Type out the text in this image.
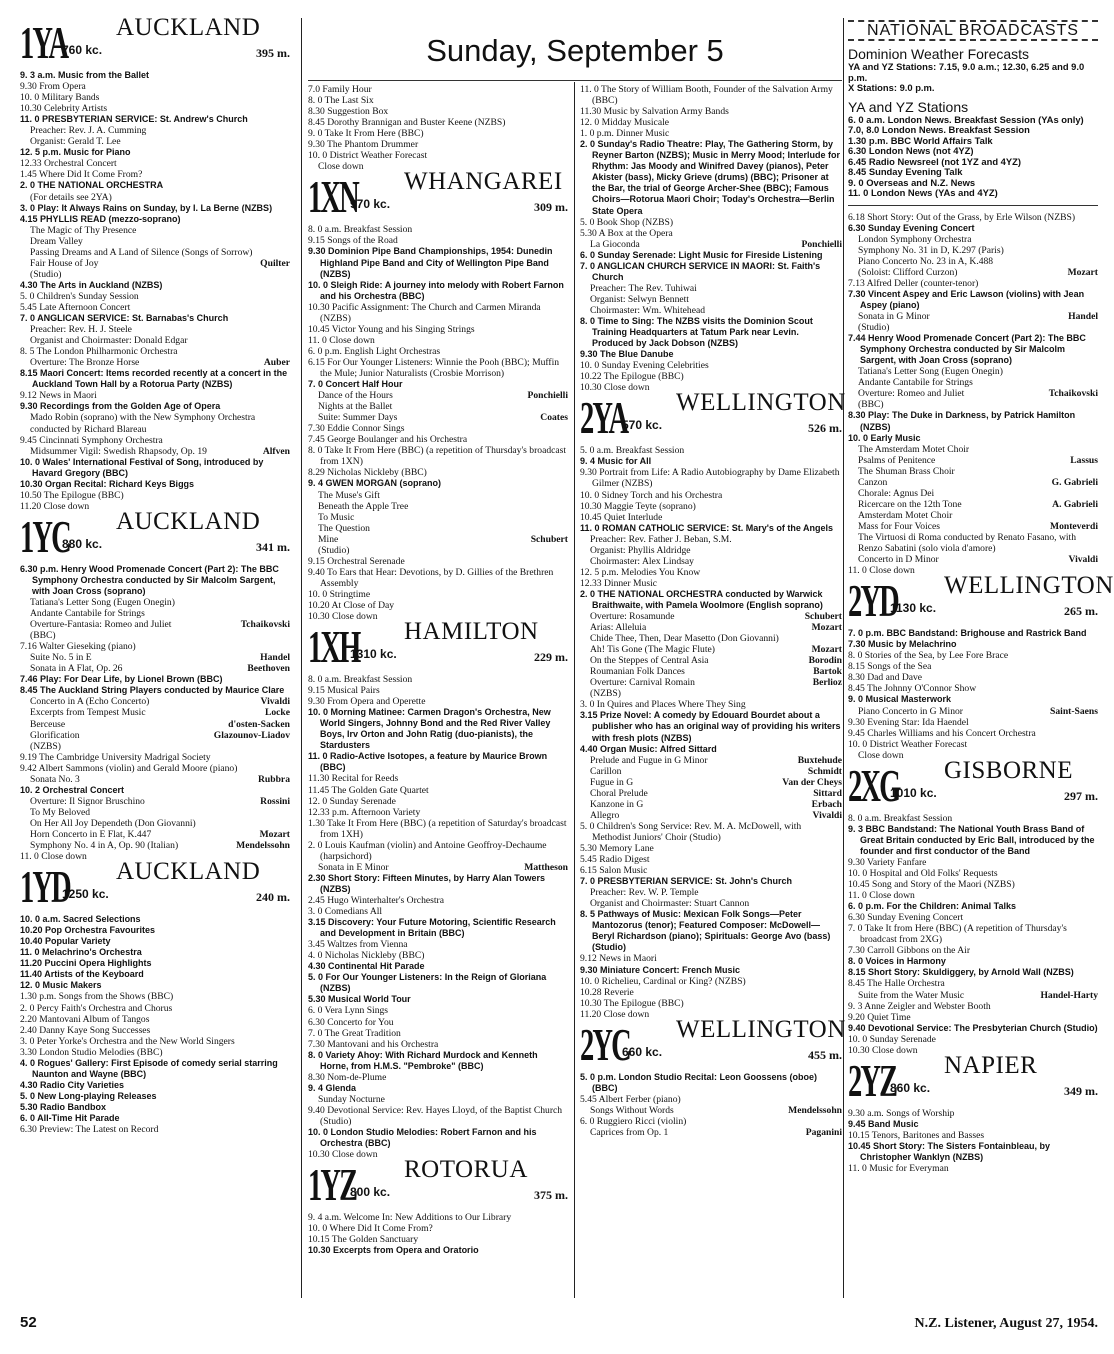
Sunday, September 5
1YA
760 kc.
AUCKLAND
395 m.

9. 3 a.m. Music from the Ballet

9.30 From Opera

10. 0 Military Bands

10.30 Celebrity Artists

11. 0 PRESBYTERIAN SERVICE: St. Andrew's Church

Preacher: Rev. J. A. Cumming

Organist: Gerald T. Lee

12. 5 p.m. Music for Piano

12.33 Orchestral Concert

1.45 Where Did It Come From?

2. 0 THE NATIONAL ORCHESTRA

(For details see 2YA)

3. 0 Play: It Always Rains on Sunday, by I. La Berne (NZBS)

4.15 PHYLLIS READ (mezzo-soprano)

The Magic of Thy Presence

Dream Valley

Passing Dreams and A Land of Silence (Songs of Sorrow)

Quilter
Fair House of Joy

(Studio)

4.30 The Arts in Auckland (NZBS)

5. 0 Children's Sunday Session

5.45 Late Afternoon Concert

7. 0 ANGLICAN SERVICE: St. Barnabas's Church

Preacher: Rev. H. J. Steele

Organist and Choirmaster: Donald Edgar

8. 5 The London Philharmonic Orchestra

Auber
Overture: The Bronze Horse

8.15 Maori Concert: Items recorded recently at a concert in the Auckland Town Hall by a Rotorua Party (NZBS)

9.12 News in Maori

9.30 Recordings from the Golden Age of Opera

Mado Robin (soprano) with the New Symphony Orchestra conducted by Richard Blareau

9.45 Cincinnati Symphony Orchestra

Alfven
Midsummer Vigil: Swedish Rhapsody, Op. 19

10. 0 Wales' International Festival of Song, introduced by Havard Gregory (BBC)

10.30 Organ Recital: Richard Keys Biggs

10.50 The Epilogue (BBC)

11.20 Close down

1YC
880 kc.
AUCKLAND
341 m.

6.30 p.m. Henry Wood Promenade Concert (Part 2): The BBC Symphony Orchestra conducted by Sir Malcolm Sargent, with Joan Cross (soprano)

Tatiana's Letter Song (Eugen Onegin)

Andante Cantabile for Strings

Tchaikovski
Overture-Fantasia: Romeo and Juliet

(BBC)

7.16 Walter Gieseking (piano)

Handel
Suite No. 5 in E

Beethoven
Sonata in A Flat, Op. 26

7.46 Play: For Dear Life, by Lionel Brown (BBC)

8.45 The Auckland String Players conducted by Maurice Clare

Vivaldi
Concerto in A (Echo Concerto)

Locke
Excerpts from Tempest Music

d'osten-Sacken
Berceuse

Glazounov-Liadov
Glorification

(NZBS)

9.19 The Cambridge University Madrigal Society

9.42 Albert Sammons (violin) and Gerald Moore (piano)

Rubbra
Sonata No. 3

10. 2 Orchestral Concert

Rossini
Overture: Il Signor Bruschino

To My Beloved

On Her All Joy Dependeth (Don Giovanni)

Mozart
Horn Concerto in E Flat, K.447

Mendelssohn
Symphony No. 4 in A, Op. 90 (Italian)

11. 0 Close down

1YD
1250 kc.
AUCKLAND
240 m.

10. 0 a.m. Sacred Selections

10.20 Pop Orchestra Favourites

10.40 Popular Variety

11. 0 Melachrino's Orchestra

11.20 Puccini Opera Highlights

11.40 Artists of the Keyboard

12. 0 Music Makers

1.30 p.m. Songs from the Shows (BBC)

2. 0 Percy Faith's Orchestra and Chorus

2.20 Mantovani Album of Tangos

2.40 Danny Kaye Song Successes

3. 0 Peter Yorke's Orchestra and the New World Singers

3.30 London Studio Melodies (BBC)

4. 0 Rogues' Gallery: First Episode of comedy serial starring Naunton and Wayne (BBC)

4.30 Radio City Varieties

5. 0 New Long-playing Releases

5.30 Radio Bandbox

6. 0 All-Time Hit Parade

6.30 Preview: The Latest on Record

7.0 Family Hour

8. 0 The Last Six

8.30 Suggestion Box

8.45 Dorothy Brannigan and Buster Keene (NZBS)

9. 0 Take It From Here (BBC)

9.30 The Phantom Drummer

10. 0 District Weather Forecast

Close down

1XN
970 kc.
WHANGAREI
309 m.

8. 0 a.m. Breakfast Session

9.15 Songs of the Road

9.30 Dominion Pipe Band Championships, 1954: Dunedin Highland Pipe Band and City of Wellington Pipe Band (NZBS)

10. 0 Sleigh Ride: A journey into melody with Robert Farnon and his Orchestra (BBC)

10.30 Pacific Assignment: The Church and Carmen Miranda (NZBS)

10.45 Victor Young and his Singing Strings

11. 0 Close down

6. 0 p.m. English Light Orchestras

6.15 For Our Younger Listeners: Winnie the Pooh (BBC); Muffin the Mule; Junior Naturalists (Crosbie Morrison)

7. 0 Concert Half Hour

Ponchielli
Dance of the Hours

Nights at the Ballet

Coates
Suite: Summer Days

7.30 Eddie Connor Sings

7.45 George Boulanger and his Orchestra

8. 0 Take It From Here (BBC) (a repetition of Thursday's broadcast from 1XN)

8.29 Nicholas Nickleby (BBC)

9. 4 GWEN MORGAN (soprano)

The Muse's Gift

Beneath the Apple Tree

To Music

The Question

Schubert
Mine

(Studio)

9.15 Orchestral Serenade

9.40 To Ears that Hear: Devotions, by D. Gillies of the Brethren Assembly

10. 0 Stringtime

10.20 At Close of Day

10.30 Close down

1XH
1310 kc.
HAMILTON
229 m.

8. 0 a.m. Breakfast Session

9.15 Musical Pairs

9.30 From Opera and Operette

10. 0 Morning Matinee: Carmen Dragon's Orchestra, New World Singers, Johnny Bond and the Red River Valley Boys, Irv Orton and John Ratig (duo-pianists), the Stardusters

11. 0 Radio-Active Isotopes, a feature by Maurice Brown (BBC)

11.30 Recital for Reeds

11.45 The Golden Gate Quartet

12. 0 Sunday Serenade

12.33 p.m. Afternoon Variety

1.30 Take It From Here (BBC) (a repetition of Saturday's broadcast from 1XH)

2. 0 Louis Kaufman (violin) and Antoine Geoffroy-Dechaume (harpsichord)

Mattheson
Sonata in E Minor

2.30 Short Story: Fifteen Minutes, by Harry Alan Towers (NZBS)

2.45 Hugo Winterhalter's Orchestra

3. 0 Comedians All

3.15 Discovery: Your Future Motoring, Scientific Research and Development in Britain (BBC)

3.45 Waltzes from Vienna

4. 0 Nicholas Nickleby (BBC)

4.30 Continental Hit Parade

5. 0 For Our Younger Listeners: In the Reign of Gloriana (NZBS)

5.30 Musical World Tour

6. 0 Vera Lynn Sings

6.30 Concerto for You

7. 0 The Great Tradition

7.30 Mantovani and his Orchestra

8. 0 Variety Ahoy: With Richard Murdock and Kenneth Horne, from H.M.S. "Pembroke" (BBC)

8.30 Nom-de-Plume

9. 4 Glenda

Sunday Nocturne

9.40 Devotional Service: Rev. Hayes Lloyd, of the Baptist Church (Studio)

10. 0 London Studio Melodies: Robert Farnon and his Orchestra (BBC)

10.30 Close down

1YZ
800 kc.
ROTORUA
375 m.

9. 4 a.m. Welcome In: New Additions to Our Library

10. 0 Where Did It Come From?

10.15 The Golden Sanctuary

10.30 Excerpts from Opera and Oratorio

11. 0 The Story of William Booth, Founder of the Salvation Army (BBC)

11.30 Music by Salvation Army Bands

12. 0 Midday Musicale

1. 0 p.m. Dinner Music

2. 0 Sunday's Radio Theatre: Play, The Gathering Storm, by Reyner Barton (NZBS); Music in Merry Mood; Interlude for Rhythm: Jas Moody and Winifred Davey (pianos), Peter Akister (bass), Micky Grieve (drums) (BBC); Prisoner at the Bar, the trial of George Archer-Shee (BBC); Famous Choirs—Rotorua Maori Choir; Today's Orchestra—Berlin State Opera

5. 0 Book Shop (NZBS)

5.30 A Box at the Opera

Ponchielli
La Gioconda

6. 0 Sunday Serenade: Light Music for Fireside Listening

7. 0 ANGLICAN CHURCH SERVICE IN MAORI: St. Faith's Church

Preacher: The Rev. Tuhiwai

Organist: Selwyn Bennett

Choirmaster: Wm. Whitehead

8. 0 Time to Sing: The NZBS visits the Dominion Scout Training Headquarters at Tatum Park near Levin. Produced by Jack Dobson (NZBS)

9.30 The Blue Danube

10. 0 Sunday Evening Celebrities

10.22 The Epilogue (BBC)

10.30 Close down

2YA
570 kc.
WELLINGTON
526 m.

5. 0 a.m. Breakfast Session

9. 4 Music for All

9.30 Portrait from Life: A Radio Autobiography by Dame Elizabeth Gilmer (NZBS)

10. 0 Sidney Torch and his Orchestra

10.30 Maggie Teyte (soprano)

10.45 Quiet Interlude

11. 0 ROMAN CATHOLIC SERVICE: St. Mary's of the Angels

Preacher: Rev. Father J. Beban, S.M.

Organist: Phyllis Aldridge

Choirmaster: Alex Lindsay

12. 5 p.m. Melodies You Know

12.33 Dinner Music

2. 0 THE NATIONAL ORCHESTRA conducted by Warwick Braithwaite, with Pamela Woolmore (English soprano)

Schubert
Overture: Rosamunde

Mozart
Arias: Alleluia

Chide Thee, Then, Dear Masetto (Don Giovanni)

Mozart
Ah! Tis Gone (The Magic Flute)

Borodin
On the Steppes of Central Asia

Bartok
Roumanian Folk Dances

Berlioz
Overture: Carnival Romain

(NZBS)

3. 0 In Quires and Places Where They Sing

3.15 Prize Novel: A comedy by Edouard Bourdet about a publisher who has an original way of providing his writers with fresh plots (NZBS)

4.40 Organ Music: Alfred Sittard

Buxtehude
Prelude and Fugue in G Minor

Schmidt
Carillon

Van der Cheys
Fugue in G

Sittard
Choral Prelude

Erbach
Kanzone in G

Vivaldi
Allegro

5. 0 Children's Song Service: Rev. M. A. McDowell, with Methodist Juniors' Choir (Studio)

5.30 Memory Lane

5.45 Radio Digest

6.15 Salon Music

7. 0 PRESBYTERIAN SERVICE: St. John's Church

Preacher: Rev. W. P. Temple

Organist and Choirmaster: Stuart Cannon

8. 5 Pathways of Music: Mexican Folk Songs—Peter Mantozorus (tenor); Featured Composer: McDowell—Beryl Richardson (piano); Spirituals: George Avo (bass) (Studio)

9.12 News in Maori

9.30 Miniature Concert: French Music

10. 0 Richelieu, Cardinal or King? (NZBS)

10.28 Reverie

10.30 The Epilogue (BBC)

11.20 Close down

2YC
660 kc.
WELLINGTON
455 m.

5. 0 p.m. London Studio Recital: Leon Goossens (oboe) (BBC)

5.45 Albert Ferber (piano)

Mendelssohn
Songs Without Words

6. 0 Ruggiero Ricci (violin)

Paganini
Caprices from Op. 1

NATIONAL BROADCASTS
Dominion Weather Forecasts
YA and YZ Stations: 7.15, 9.0 a.m.; 12.30, 6.25 and 9.0 p.m.
X Stations: 9.0 p.m.
YA and YZ Stations
6. 0 a.m. London News. Breakfast Session (YAs only)
7.0, 8.0 London News. Breakfast Session
1.30 p.m. BBC World Affairs Talk
6.30 London News (not 4YZ)
6.45 Radio Newsreel (not 1YZ and 4YZ)
8.45 Sunday Evening Talk
9. 0 Overseas and N.Z. News
11. 0 London News (YAs and 4YZ)

6.18 Short Story: Out of the Grass, by Erle Wilson (NZBS)

6.30 Sunday Evening Concert

London Symphony Orchestra

Symphony No. 31 in D, K.297 (Paris)

Piano Concerto No. 23 in A, K.488

Mozart
(Soloist: Clifford Curzon)

7.13 Alfred Deller (counter-tenor)

7.30 Vincent Aspey and Eric Lawson (violins) with Jean Aspey (piano)

Handel
Sonata in G Minor

(Studio)

7.44 Henry Wood Promenade Concert (Part 2): The BBC Symphony Orchestra conducted by Sir Malcolm Sargent, with Joan Cross (soprano)

Tatiana's Letter Song (Eugen Onegin)

Andante Cantabile for Strings

Tchaikovski
Overture: Romeo and Juliet

(BBC)

8.30 Play: The Duke in Darkness, by Patrick Hamilton (NZBS)

10. 0 Early Music

The Amsterdam Motet Choir

Lassus
Psalms of Penitence

The Shuman Brass Choir

G. Gabrieli
Canzon

Chorale: Agnus Dei

A. Gabrieli
Ricercare on the 12th Tone

Amsterdam Motet Choir

Monteverdi
Mass for Four Voices

The Virtuosi di Roma conducted by Renato Fasano, with Renzo Sabatini (solo viola d'amore)

Vivaldi
Concerto in D Minor

11. 0 Close down

2YD
1130 kc.
WELLINGTON
265 m.

7. 0 p.m. BBC Bandstand: Brighouse and Rastrick Band

7.30 Music by Melachrino

8. 0 Stories of the Sea, by Lee Fore Brace

8.15 Songs of the Sea

8.30 Dad and Dave

8.45 The Johnny O'Connor Show

9. 0 Musical Masterwork

Saint-Saens
Piano Concerto in G Minor

9.30 Evening Star: Ida Haendel

9.45 Charles Williams and his Concert Orchestra

10. 0 District Weather Forecast

Close down

2XG
1010 kc.
GISBORNE
297 m.

8. 0 a.m. Breakfast Session

9. 3 BBC Bandstand: The National Youth Brass Band of Great Britain conducted by Eric Ball, introduced by the founder and first conductor of the Band

9.30 Variety Fanfare

10. 0 Hospital and Old Folks' Requests

10.45 Song and Story of the Maori (NZBS)

11. 0 Close down

6. 0 p.m. For the Children: Animal Talks

6.30 Sunday Evening Concert

7. 0 Take It from Here (BBC) (A repetition of Thursday's broadcast from 2XG)

7.30 Carroll Gibbons on the Air

8. 0 Voices in Harmony

8.15 Short Story: Skuldiggery, by Arnold Wall (NZBS)

8.45 The Halle Orchestra

Handel-Harty
Suite from the Water Music

9. 3 Anne Zeigler and Webster Booth

9.20 Quiet Time

9.40 Devotional Service: The Presbyterian Church (Studio)

10. 0 Sunday Serenade

10.30 Close down

2YZ
860 kc.
NAPIER
349 m.

9.30 a.m. Songs of Worship

9.45 Band Music

10.15 Tenors, Baritones and Basses

10.45 Short Story: The Sisters Fontainbleau, by Christopher Wanklyn (NZBS)

11. 0 Music for Everyman

52	N.Z. Listener, August 27, 1954.
